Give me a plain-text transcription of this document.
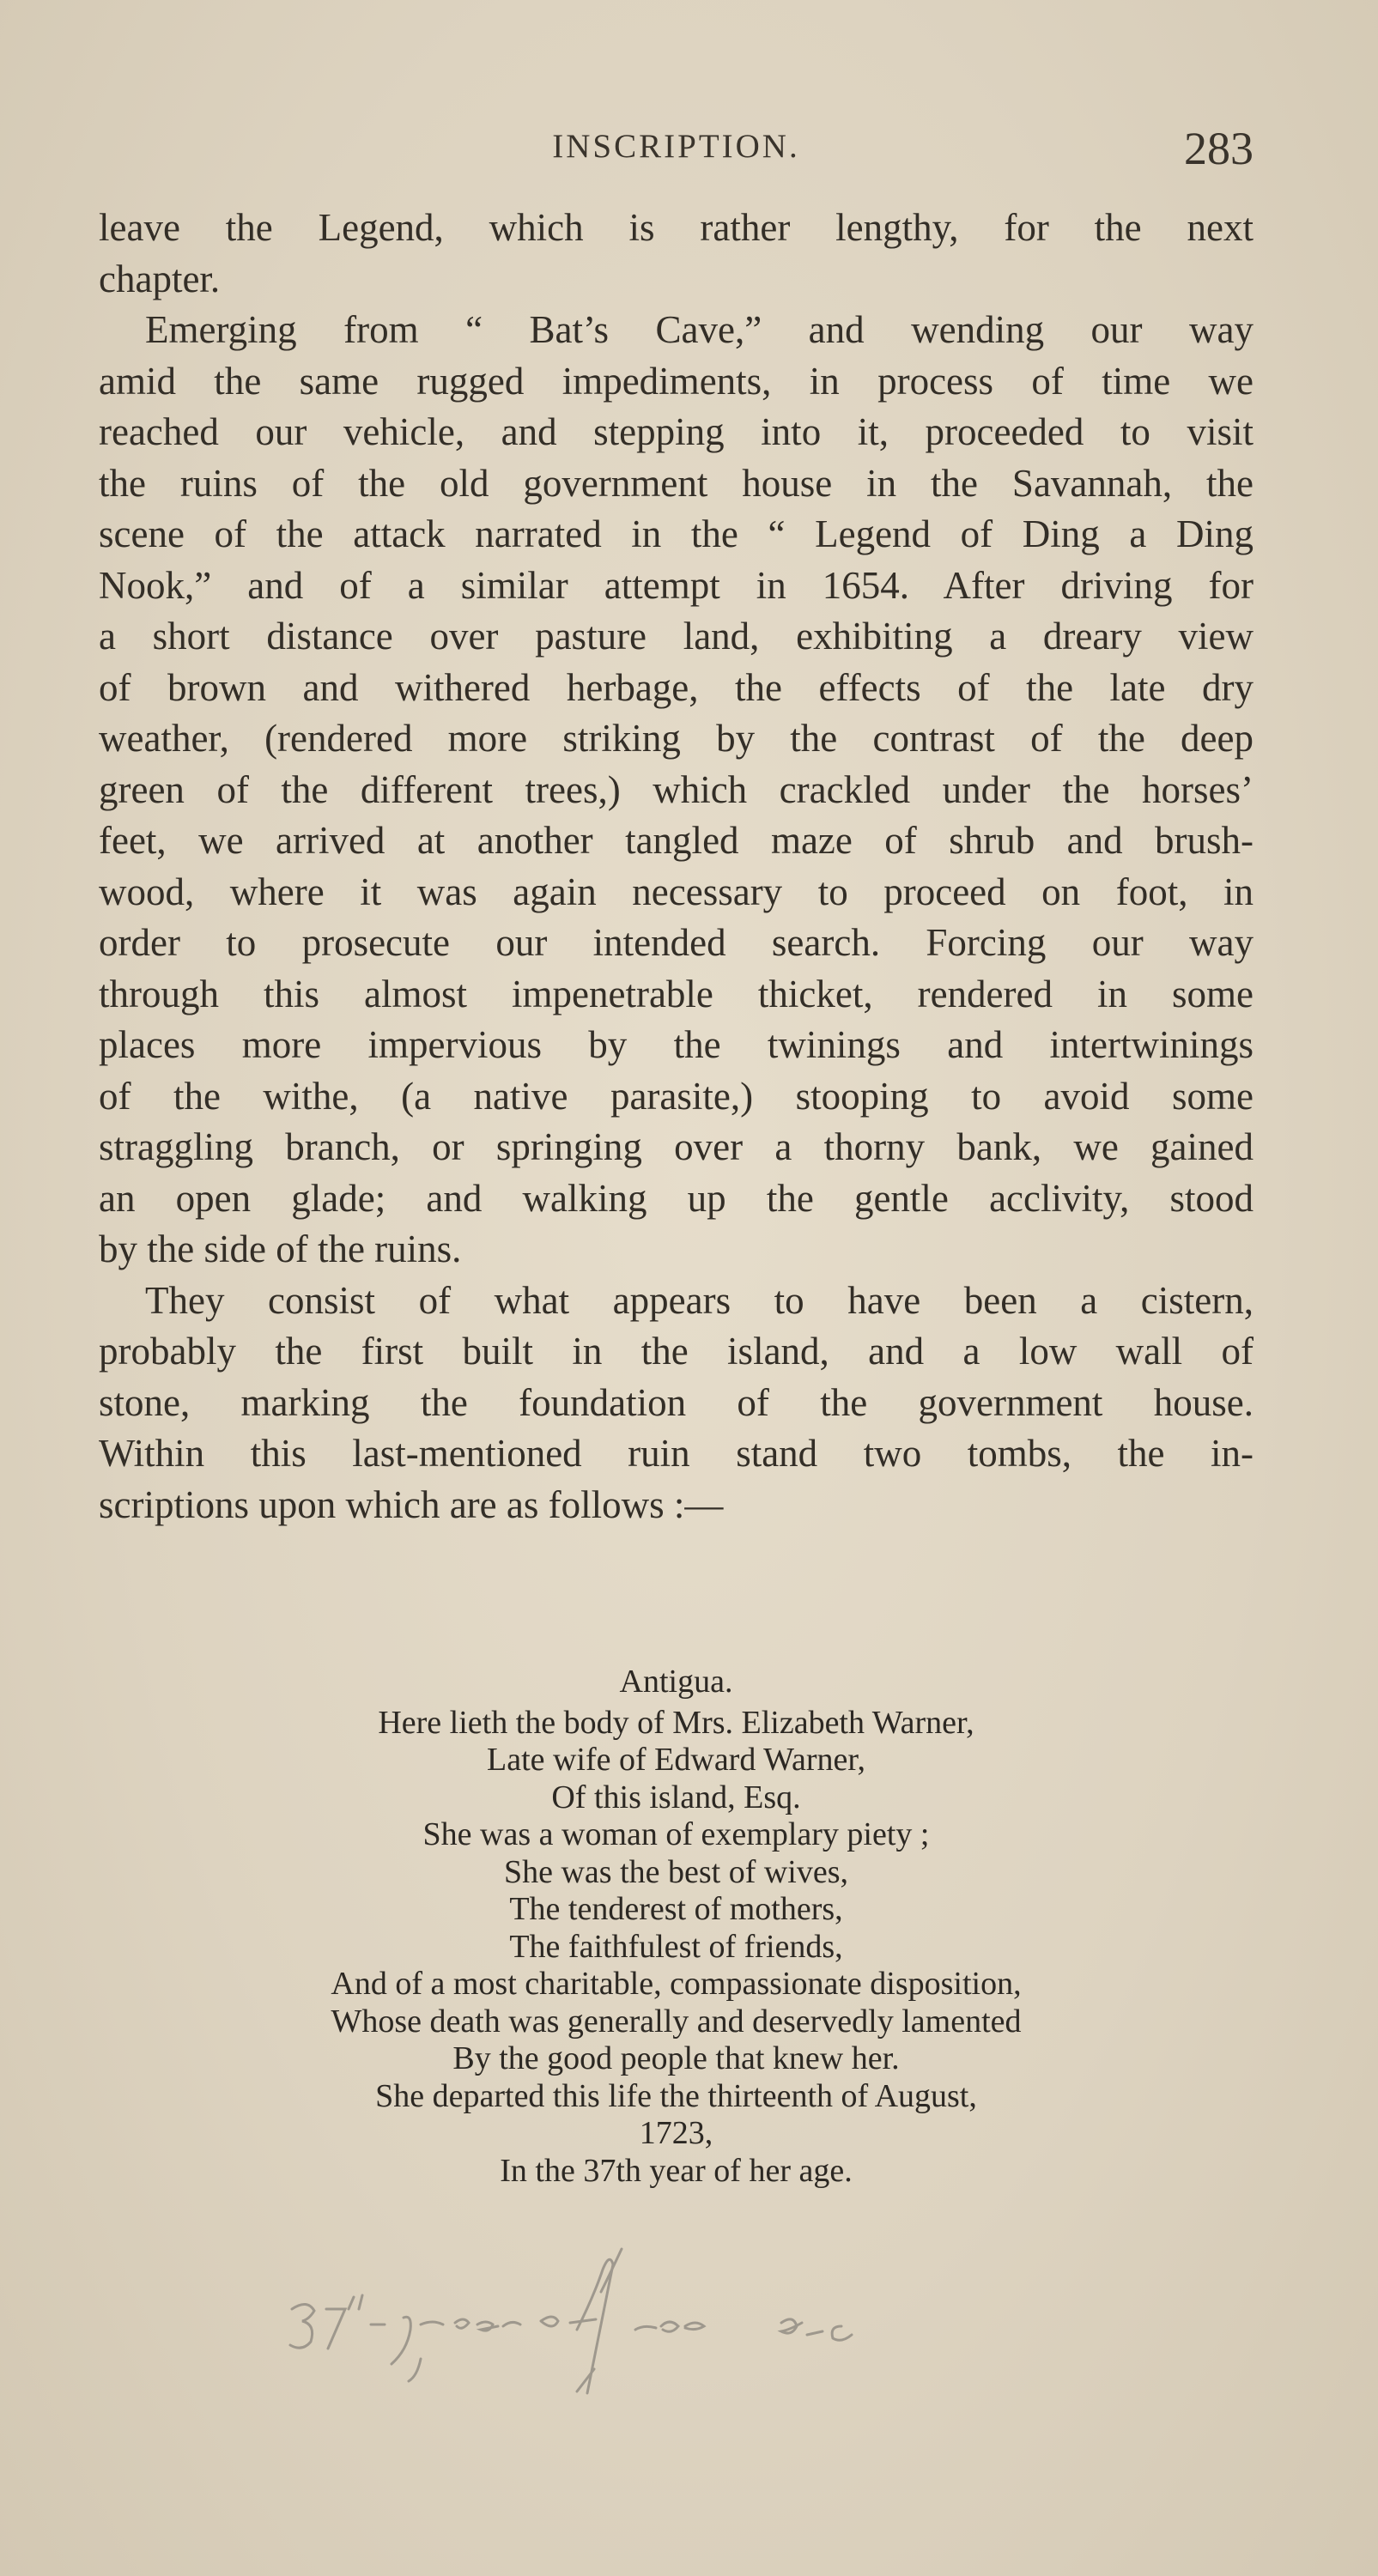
INSCRIPTION.	283
leave the Legend, which is rather lengthy, for the next
chapter.
Emerging from “ Bat’s Cave,” and wending our way
amid the same rugged impediments, in process of time we
reached our vehicle, and stepping into it, proceeded to visit
the ruins of the old government house in the Savannah, the
scene of the attack narrated in the “ Legend of Ding a Ding
Nook,” and of a similar attempt in 1654. After driving for
a short distance over pasture land, exhibiting a dreary view
of brown and withered herbage, the effects of the late dry
weather, (rendered more striking by the contrast of the deep
green of the different trees,) which crackled under the horses’
feet, we arrived at another tangled maze of shrub and brush-
wood, where it was again necessary to proceed on foot, in
order to prosecute our intended search. Forcing our way
through this almost impenetrable thicket, rendered in some
places more impervious by the twinings and intertwinings
of the withe, (a native parasite,) stooping to avoid some
straggling branch, or springing over a thorny bank, we gained
an open glade; and walking up the gentle acclivity, stood
by the side of the ruins.
They consist of what appears to have been a cistern,
probably the first built in the island, and a low wall of
stone, marking the foundation of the government house.
Within this last-mentioned ruin stand two tombs, the in-
scriptions upon which are as follows :—
Antigua.
Here lieth the body of Mrs. Elizabeth Warner,
Late wife of Edward Warner,
Of this island, Esq.
She was a woman of exemplary piety ;
She was the best of wives,
The tenderest of mothers,
The faithfulest of friends,
And of a most charitable, compassionate disposition,
Whose death was generally and deservedly lamented
By the good people that knew her.
She departed this life the thirteenth of August,
1723,
In the 37th year of her age.
